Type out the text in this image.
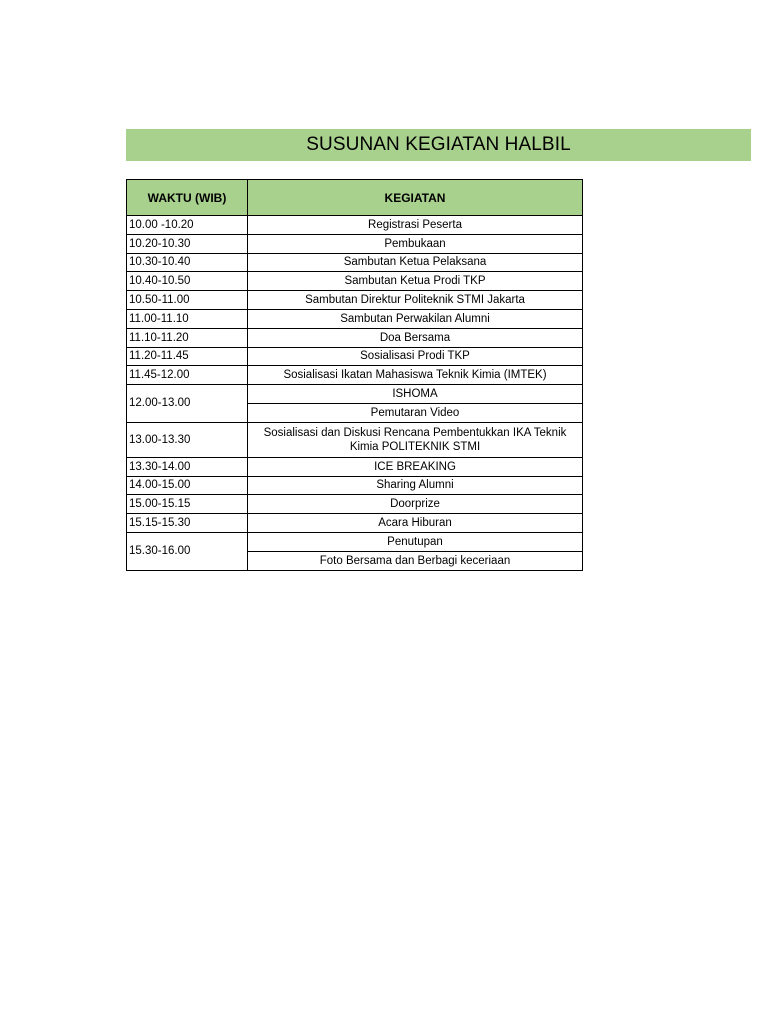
SUSUNAN KEGIATAN HALBIL
WAKTU (WIB)	KEGIATAN
10.00 -10.20	Registrasi Peserta
10.20-10.30	Pembukaan
10.30-10.40	Sambutan Ketua Pelaksana
10.40-10.50	Sambutan Ketua Prodi TKP
10.50-11.00	Sambutan Direktur Politeknik STMI Jakarta
11.00-11.10	Sambutan Perwakilan Alumni
11.10-11.20	Doa Bersama
11.20-11.45	Sosialisasi Prodi TKP
11.45-12.00	Sosialisasi Ikatan Mahasiswa Teknik Kimia (IMTEK)
12.00-13.00	ISHOMA
	Pemutaran Video
13.00-13.30	Sosialisasi dan Diskusi Rencana Pembentukkan IKA Teknik Kimia POLITEKNIK STMI
13.30-14.00	ICE BREAKING
14.00-15.00	Sharing Alumni
15.00-15.15	Doorprize
15.15-15.30	Acara Hiburan
15.30-16.00	Penutupan
	Foto Bersama dan Berbagi keceriaan
